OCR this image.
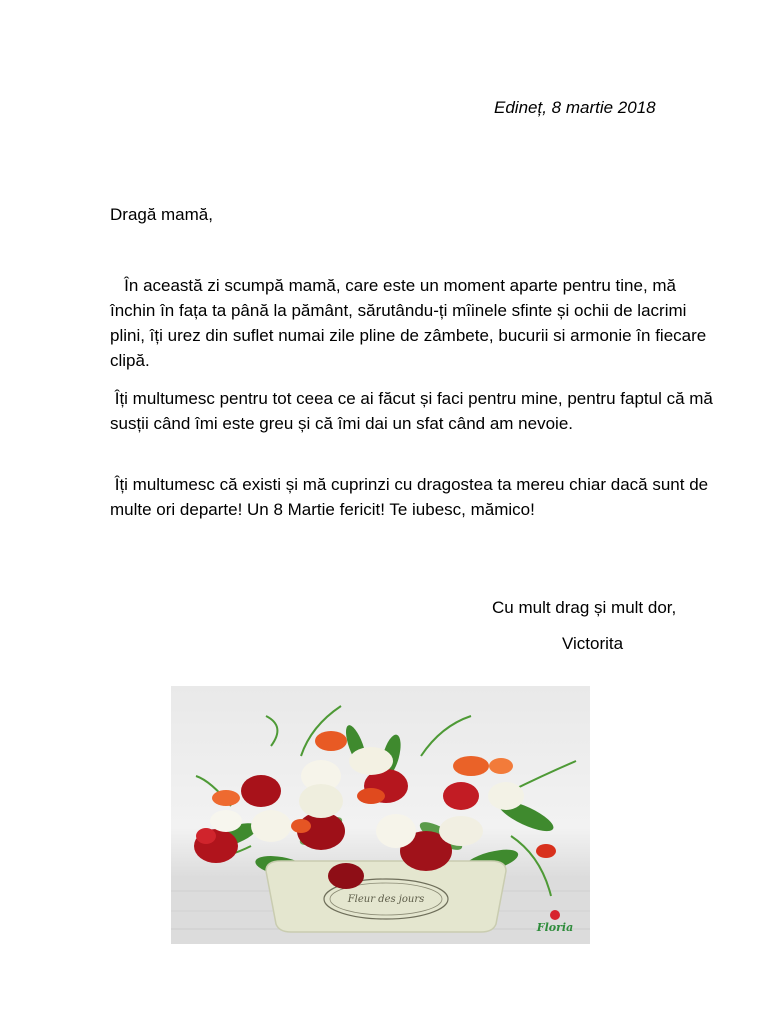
Edineț, 8 martie 2018
Dragă mamă,
În această zi scumpă mamă, care este un moment aparte pentru tine, mă închin în fața ta până la pământ, sărutându-ți mîinele sfinte și ochii de lacrimi plini, îți urez din suflet numai zile pline de zâmbete, bucurii si armonie în fiecare clipă.
Îți multumesc pentru tot ceea ce ai făcut și faci pentru mine, pentru faptul că mă susții când îmi este greu și că îmi dai un sfat când am nevoie.
Îți multumesc că existi și mă cuprinzi cu dragostea ta mereu chiar dacă sunt de multe ori departe! Un 8 Martie fericit! Te iubesc, mămico!
Cu mult drag și mult dor,
Victorita
Fleur des jours
Floria
